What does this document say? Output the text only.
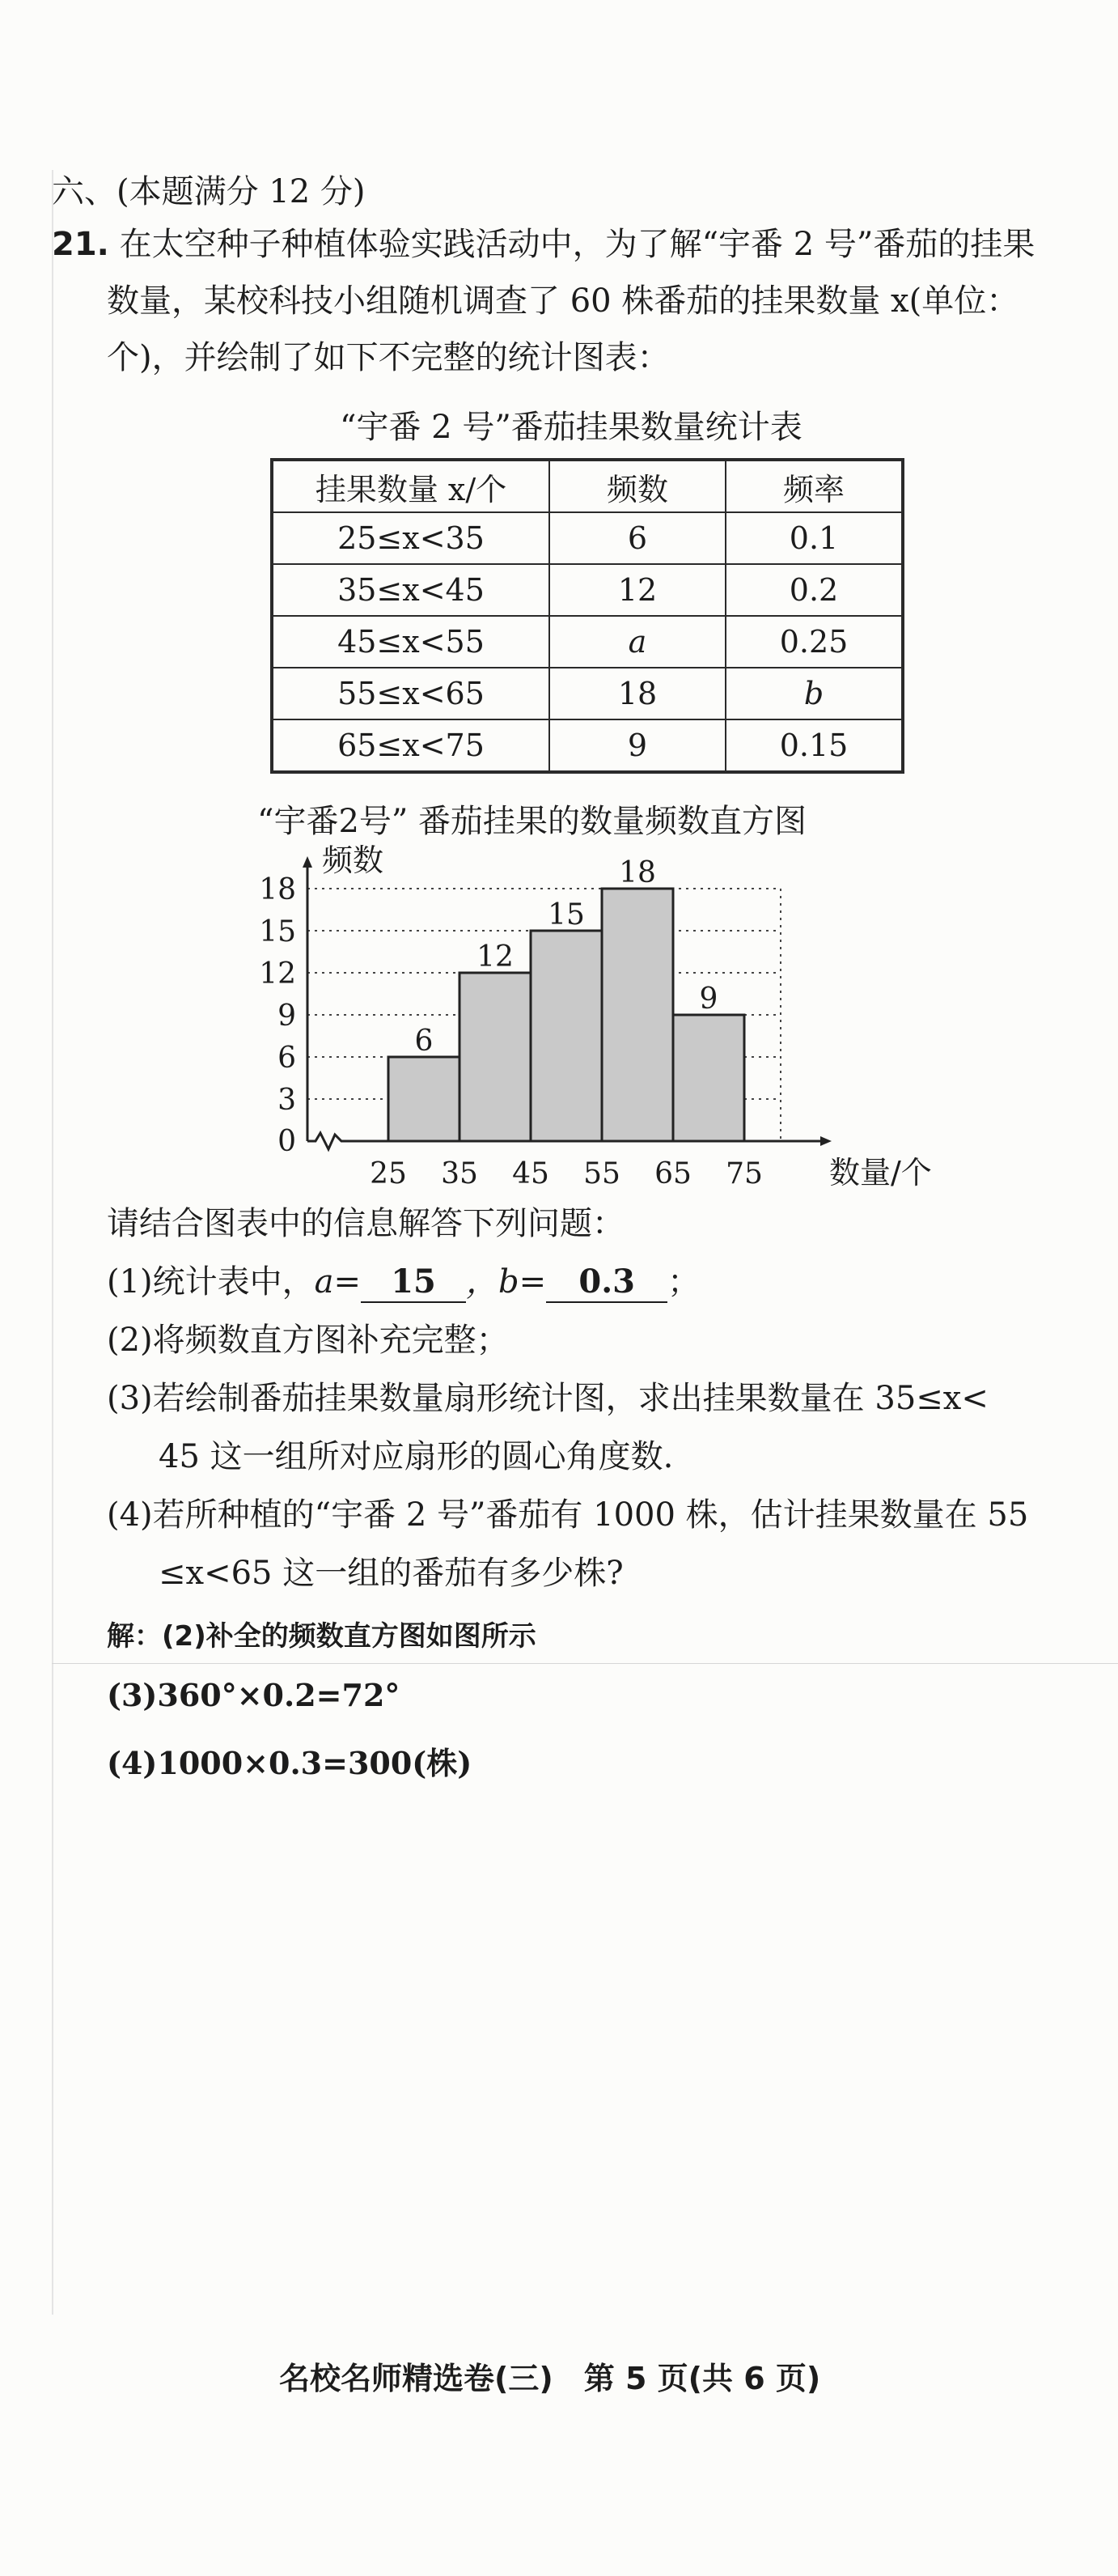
六、(本题满分 12 分)
21. 在太空种子种植体验实践活动中，为了解“宇番 2 号”番茄的挂果
数量，某校科技小组随机调查了 60 株番茄的挂果数量 x(单位：
个)，并绘制了如下不完整的统计图表：
“宇番 2 号”番茄挂果数量统计表
挂果数量 x/个	频数	频率
25≤x<35	6	0.1
35≤x<45	12	0.2
45≤x<55	a	0.25
55≤x<65	18	b
65≤x<75	9	0.15
“宇番2号” 番茄挂果的数量频数直方图
6
12
15
18
9
频数
数量/个
0
3
6
9
12
15
18
25 35 45 55 65 75
请结合图表中的信息解答下列问题：
(1)统计表中，a= 15 ，b= 0.3 ；
(2)将频数直方图补充完整；
(3)若绘制番茄挂果数量扇形统计图，求出挂果数量在 35≤x<
45 这一组所对应扇形的圆心角度数.
(4)若所种植的“宇番 2 号”番茄有 1000 株，估计挂果数量在 55
≤x<65 这一组的番茄有多少株?
解：(2)补全的频数直方图如图所示
(3)360°×0.2=72°
(4)1000×0.3=300(株)
名校名师精选卷(三)　第 5 页(共 6 页)
